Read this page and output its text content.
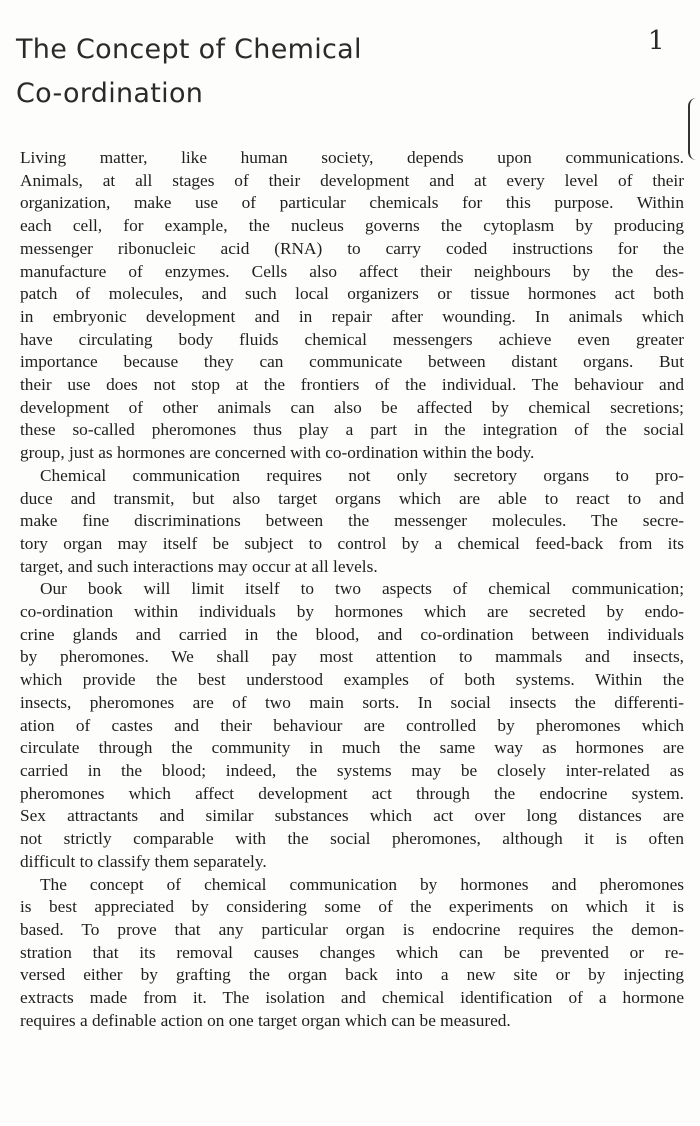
The Concept of Chemical
Co-ordination
1
Living matter, like human society, depends upon communications.
Animals, at all stages of their development and at every level of their
organization, make use of particular chemicals for this purpose. Within
each cell, for example, the nucleus governs the cytoplasm by producing
messenger ribonucleic acid (RNA) to carry coded instructions for the
manufacture of enzymes. Cells also affect their neighbours by the des-
patch of molecules, and such local organizers or tissue hormones act both
in embryonic development and in repair after wounding. In animals which
have circulating body fluids chemical messengers achieve even greater
importance because they can communicate between distant organs. But
their use does not stop at the frontiers of the individual. The behaviour and
development of other animals can also be affected by chemical secretions;
these so-called pheromones thus play a part in the integration of the social
group, just as hormones are concerned with co-ordination within the body.
Chemical communication requires not only secretory organs to pro-
duce and transmit, but also target organs which are able to react to and
make fine discriminations between the messenger molecules. The secre-
tory organ may itself be subject to control by a chemical feed-back from its
target, and such interactions may occur at all levels.
Our book will limit itself to two aspects of chemical communication;
co-ordination within individuals by hormones which are secreted by endo-
crine glands and carried in the blood, and co-ordination between individuals
by pheromones. We shall pay most attention to mammals and insects,
which provide the best understood examples of both systems. Within the
insects, pheromones are of two main sorts. In social insects the differenti-
ation of castes and their behaviour are controlled by pheromones which
circulate through the community in much the same way as hormones are
carried in the blood; indeed, the systems may be closely inter-related as
pheromones which affect development act through the endocrine system.
Sex attractants and similar substances which act over long distances are
not strictly comparable with the social pheromones, although it is often
difficult to classify them separately.
The concept of chemical communication by hormones and pheromones
is best appreciated by considering some of the experiments on which it is
based. To prove that any particular organ is endocrine requires the demon-
stration that its removal causes changes which can be prevented or re-
versed either by grafting the organ back into a new site or by injecting
extracts made from it. The isolation and chemical identification of a hormone
requires a definable action on one target organ which can be measured.
